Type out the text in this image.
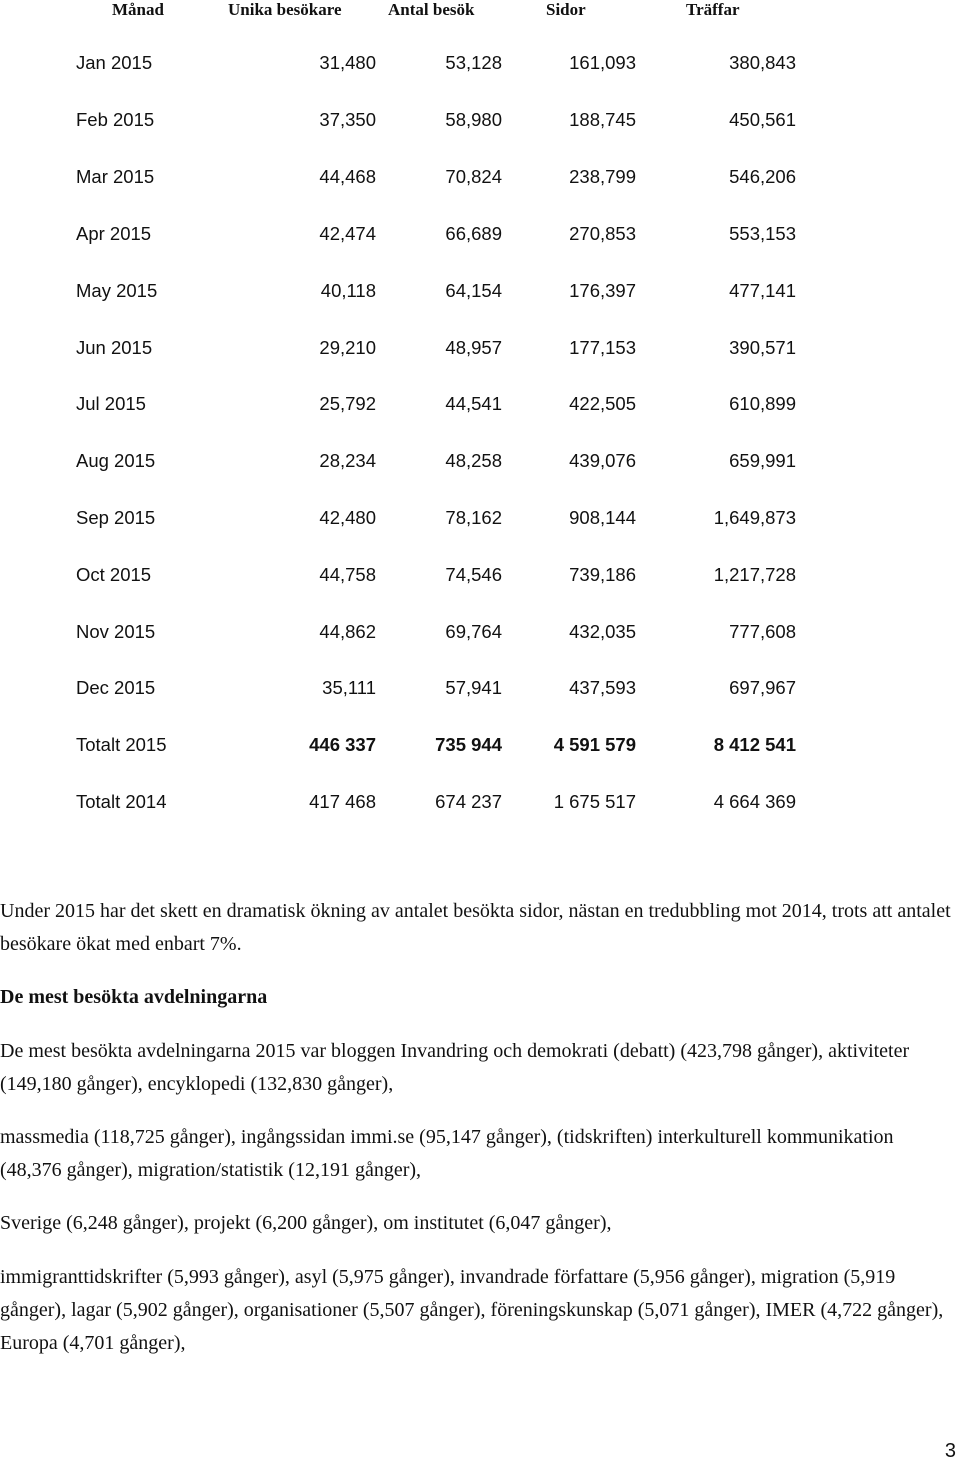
Månad	Unika besökare	Antal besök	Sidor	Träffar
Jan 2015	31,480	53,128	161,093	380,843
Feb 2015	37,350	58,980	188,745	450,561
Mar 2015	44,468	70,824	238,799	546,206
Apr 2015	42,474	66,689	270,853	553,153
May 2015	40,118	64,154	176,397	477,141
Jun 2015	29,210	48,957	177,153	390,571
Jul 2015	25,792	44,541	422,505	610,899
Aug 2015	28,234	48,258	439,076	659,991
Sep 2015	42,480	78,162	908,144	1,649,873
Oct 2015	44,758	74,546	739,186	1,217,728
Nov 2015	44,862	69,764	432,035	777,608
Dec 2015	35,111	57,941	437,593	697,967
Totalt 2015	446 337	735 944	4 591 579	8 412 541
Totalt 2014	417 468	674 237	1 675 517	4 664 369
Under 2015 har det skett en dramatisk ökning av antalet besökta sidor, nästan en tredubbling mot 2014, trots att antalet besökare ökat med enbart 7%.
De mest besökta avdelningarna
De mest besökta avdelningarna 2015 var bloggen Invandring och demokrati (debatt) (423,798 gånger), aktiviteter (149,180 gånger), encyklopedi (132,830 gånger),
massmedia (118,725 gånger), ingångssidan immi.se (95,147 gånger), (tidskriften) interkulturell kommunikation (48,376 gånger), migration/statistik (12,191 gånger),
Sverige (6,248 gånger), projekt (6,200 gånger), om institutet (6,047 gånger),
immigranttidskrifter (5,993 gånger), asyl (5,975 gånger), invandrade författare (5,956 gånger), migration (5,919 gånger), lagar (5,902 gånger), organisationer (5,507 gånger), föreningskunskap (5,071 gånger), IMER (4,722 gånger), Europa (4,701 gånger),
3
